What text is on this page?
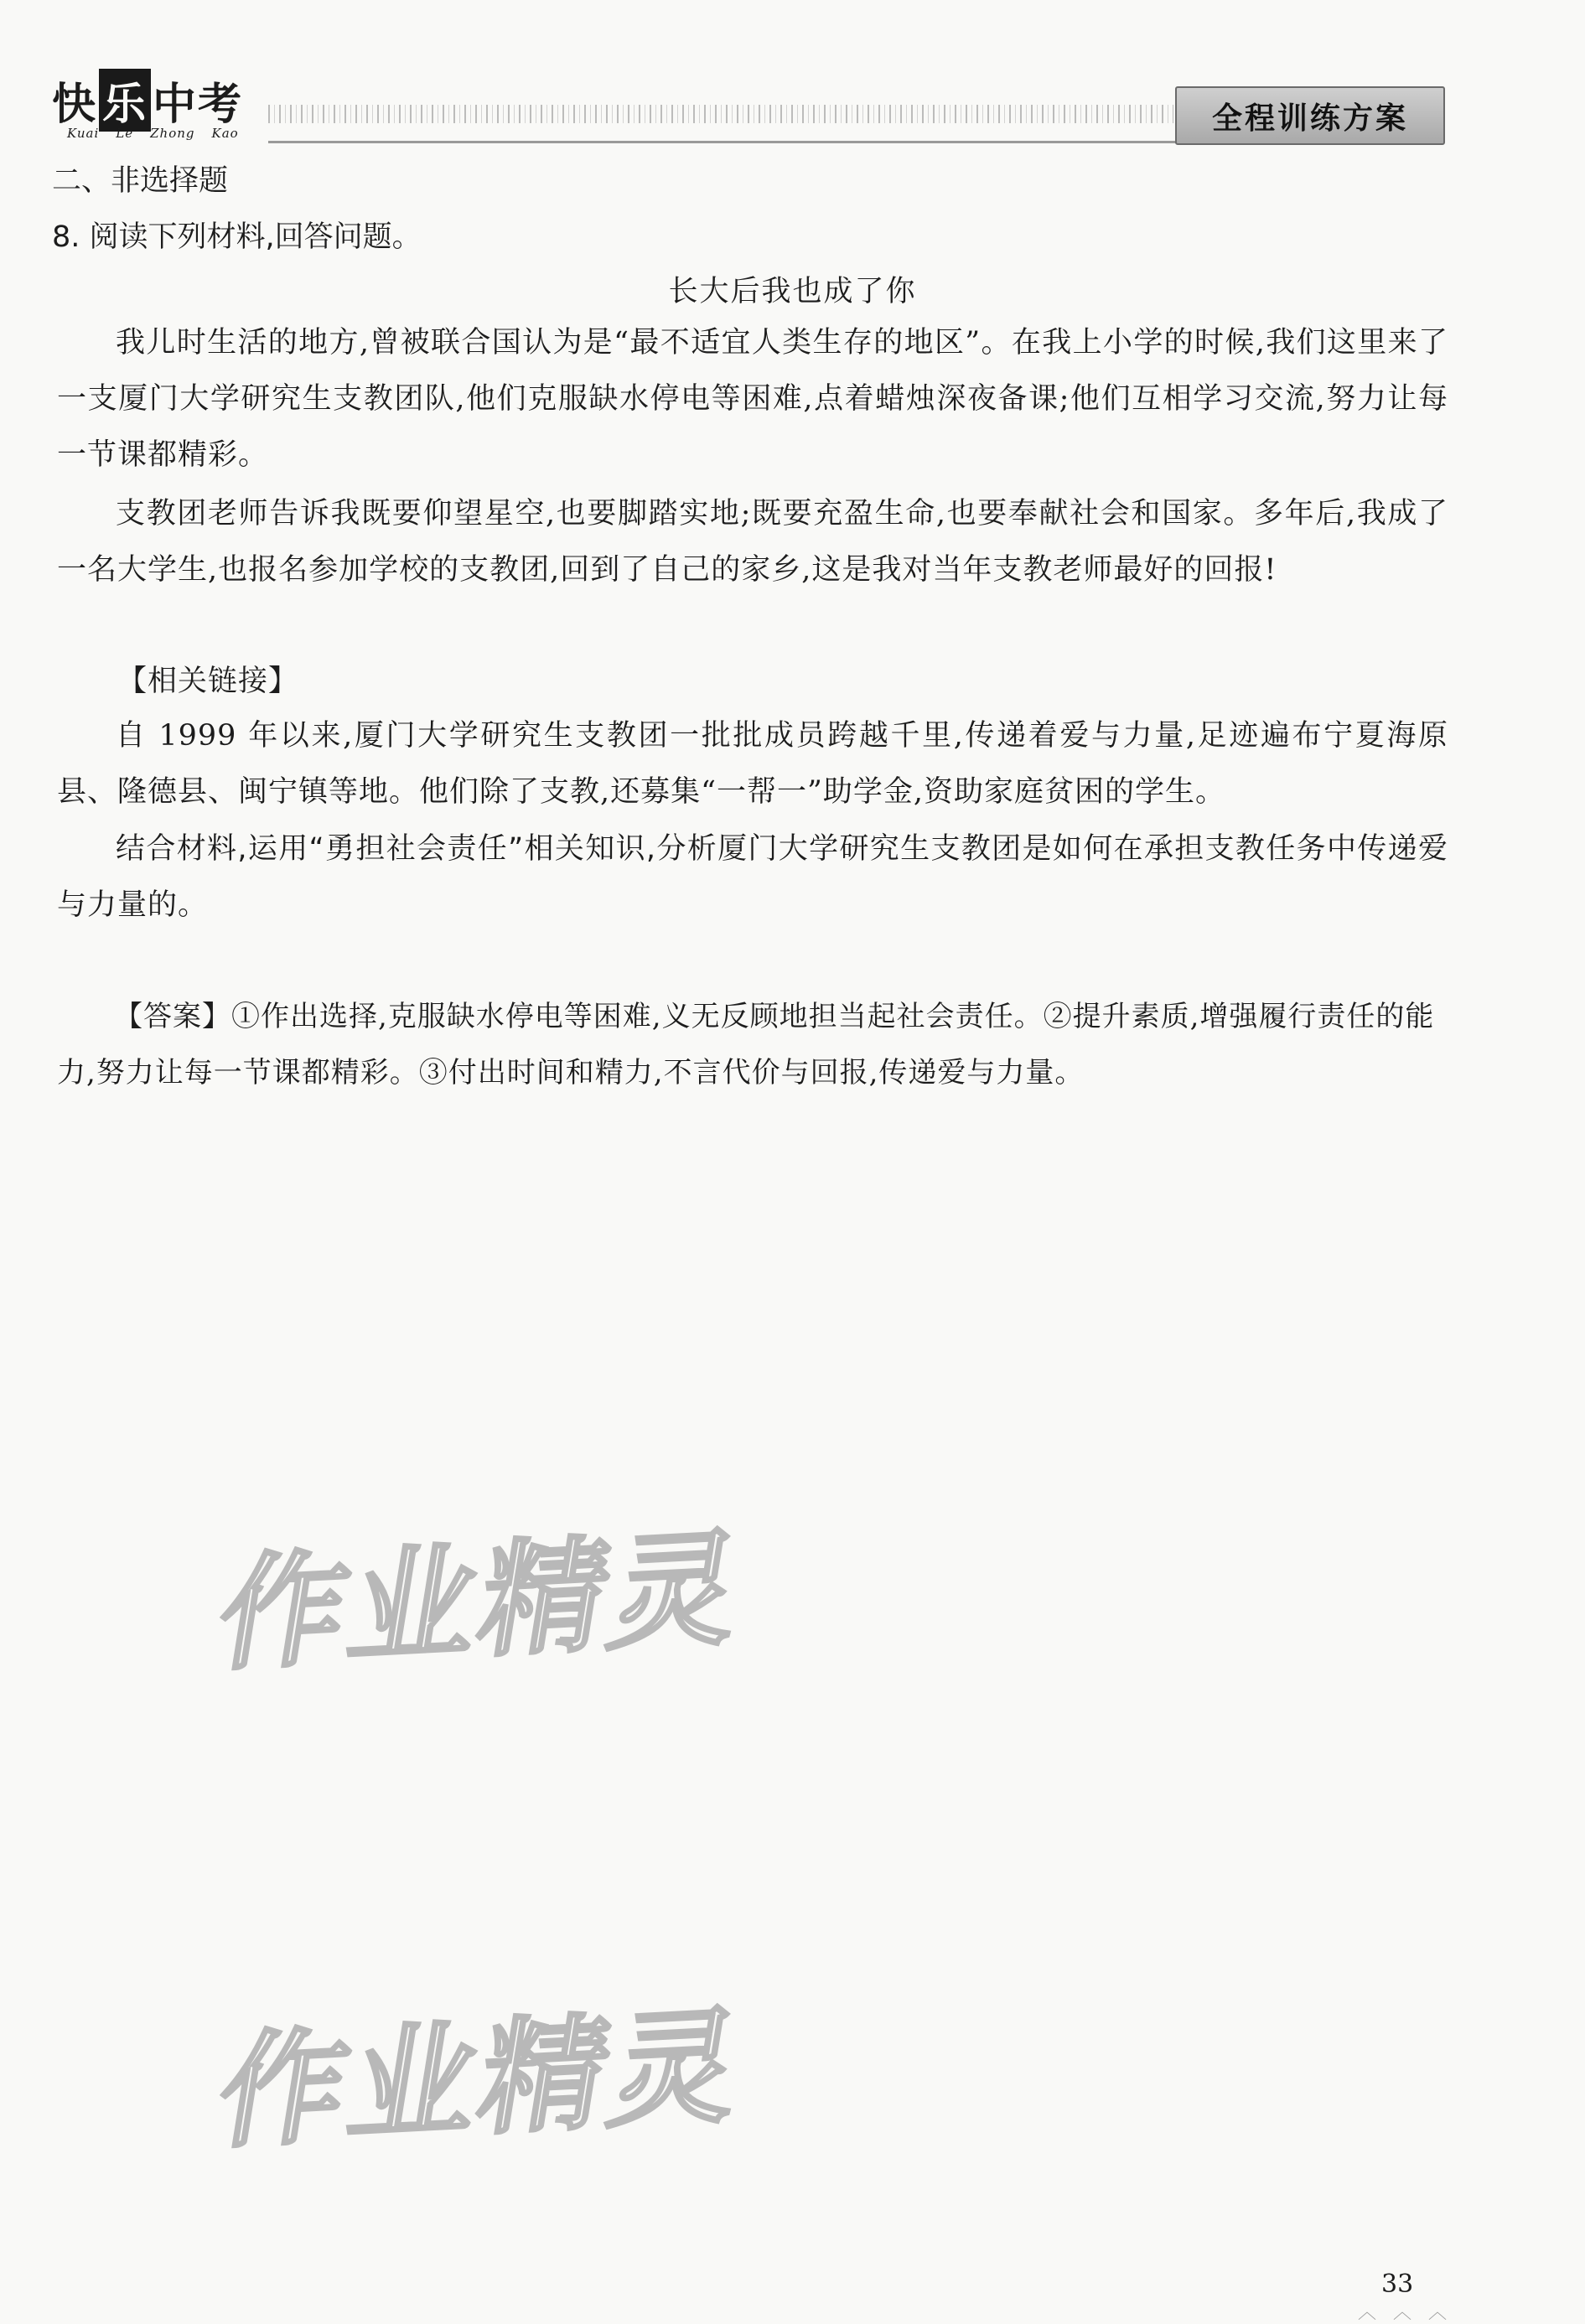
快 乐 中考
Kuai Le Zhong Kao	全程训练方案
二、非选择题
8. 阅读下列材料,回答问题。
长大后我也成了你

我儿时生活的地方,曾被联合国认为是“最不适宜人类生存的地区”。在我上小学的时候,我们这里来了一支厦门大学研究生支教团队,他们克服缺水停电等困难,点着蜡烛深夜备课;他们互相学习交流,努力让每一节课都精彩。

支教团老师告诉我既要仰望星空,也要脚踏实地;既要充盈生命,也要奉献社会和国家。多年后,我成了一名大学生,也报名参加学校的支教团,回到了自己的家乡,这是我对当年支教老师最好的回报!

【相关链接】

自 1999 年以来,厦门大学研究生支教团一批批成员跨越千里,传递着爱与力量,足迹遍布宁夏海原县、隆德县、闽宁镇等地。他们除了支教,还募集“一帮一”助学金,资助家庭贫困的学生。

结合材料,运用“勇担社会责任”相关知识,分析厦门大学研究生支教团是如何在承担支教任务中传递爱与力量的。

【答案】①作出选择,克服缺水停电等困难,义无反顾地担当起社会责任。②提升素质,增强履行责任的能力,努力让每一节课都精彩。③付出时间和精力,不言代价与回报,传递爱与力量。

作业精灵
作业精灵
33
︿︿︿
